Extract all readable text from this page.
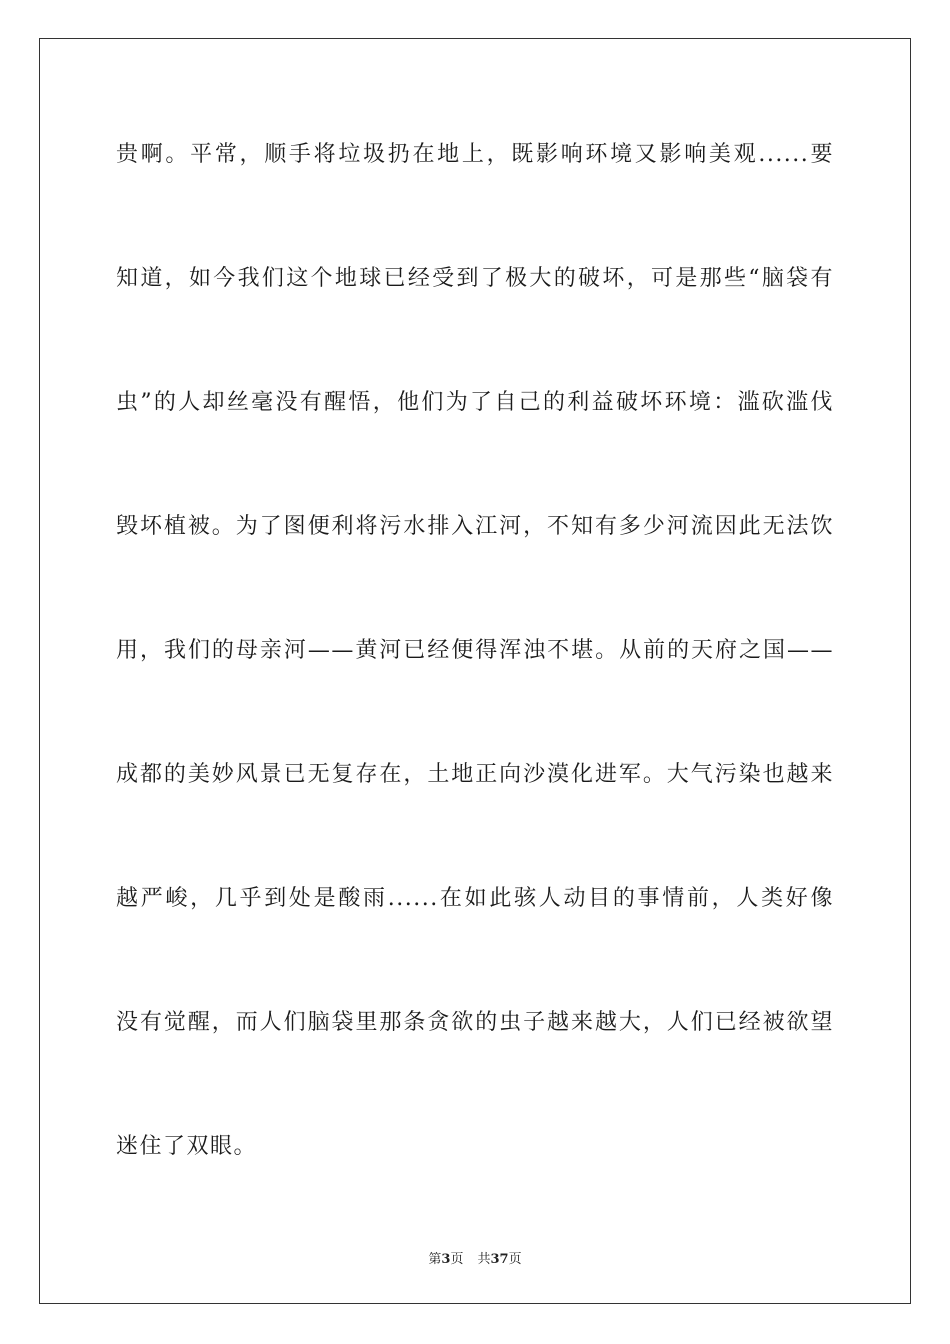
贵啊。平常，顺手将垃圾扔在地上，既影响环境又影响美观......要
知道，如今我们这个地球已经受到了极大的破坏，可是那些“脑袋有
虫”的人却丝毫没有醒悟，他们为了自己的利益破坏环境：滥砍滥伐
毁坏植被。为了图便利将污水排入江河，不知有多少河流因此无法饮
用，我们的母亲河——黄河已经便得浑浊不堪。从前的天府之国——
成都的美妙风景已无复存在，土地正向沙漠化进军。大气污染也越来
越严峻，几乎到处是酸雨......在如此骇人动目的事情前，人类好像
没有觉醒，而人们脑袋里那条贪欲的虫子越来越大，人们已经被欲望
迷住了双眼。
第3页 共37页
